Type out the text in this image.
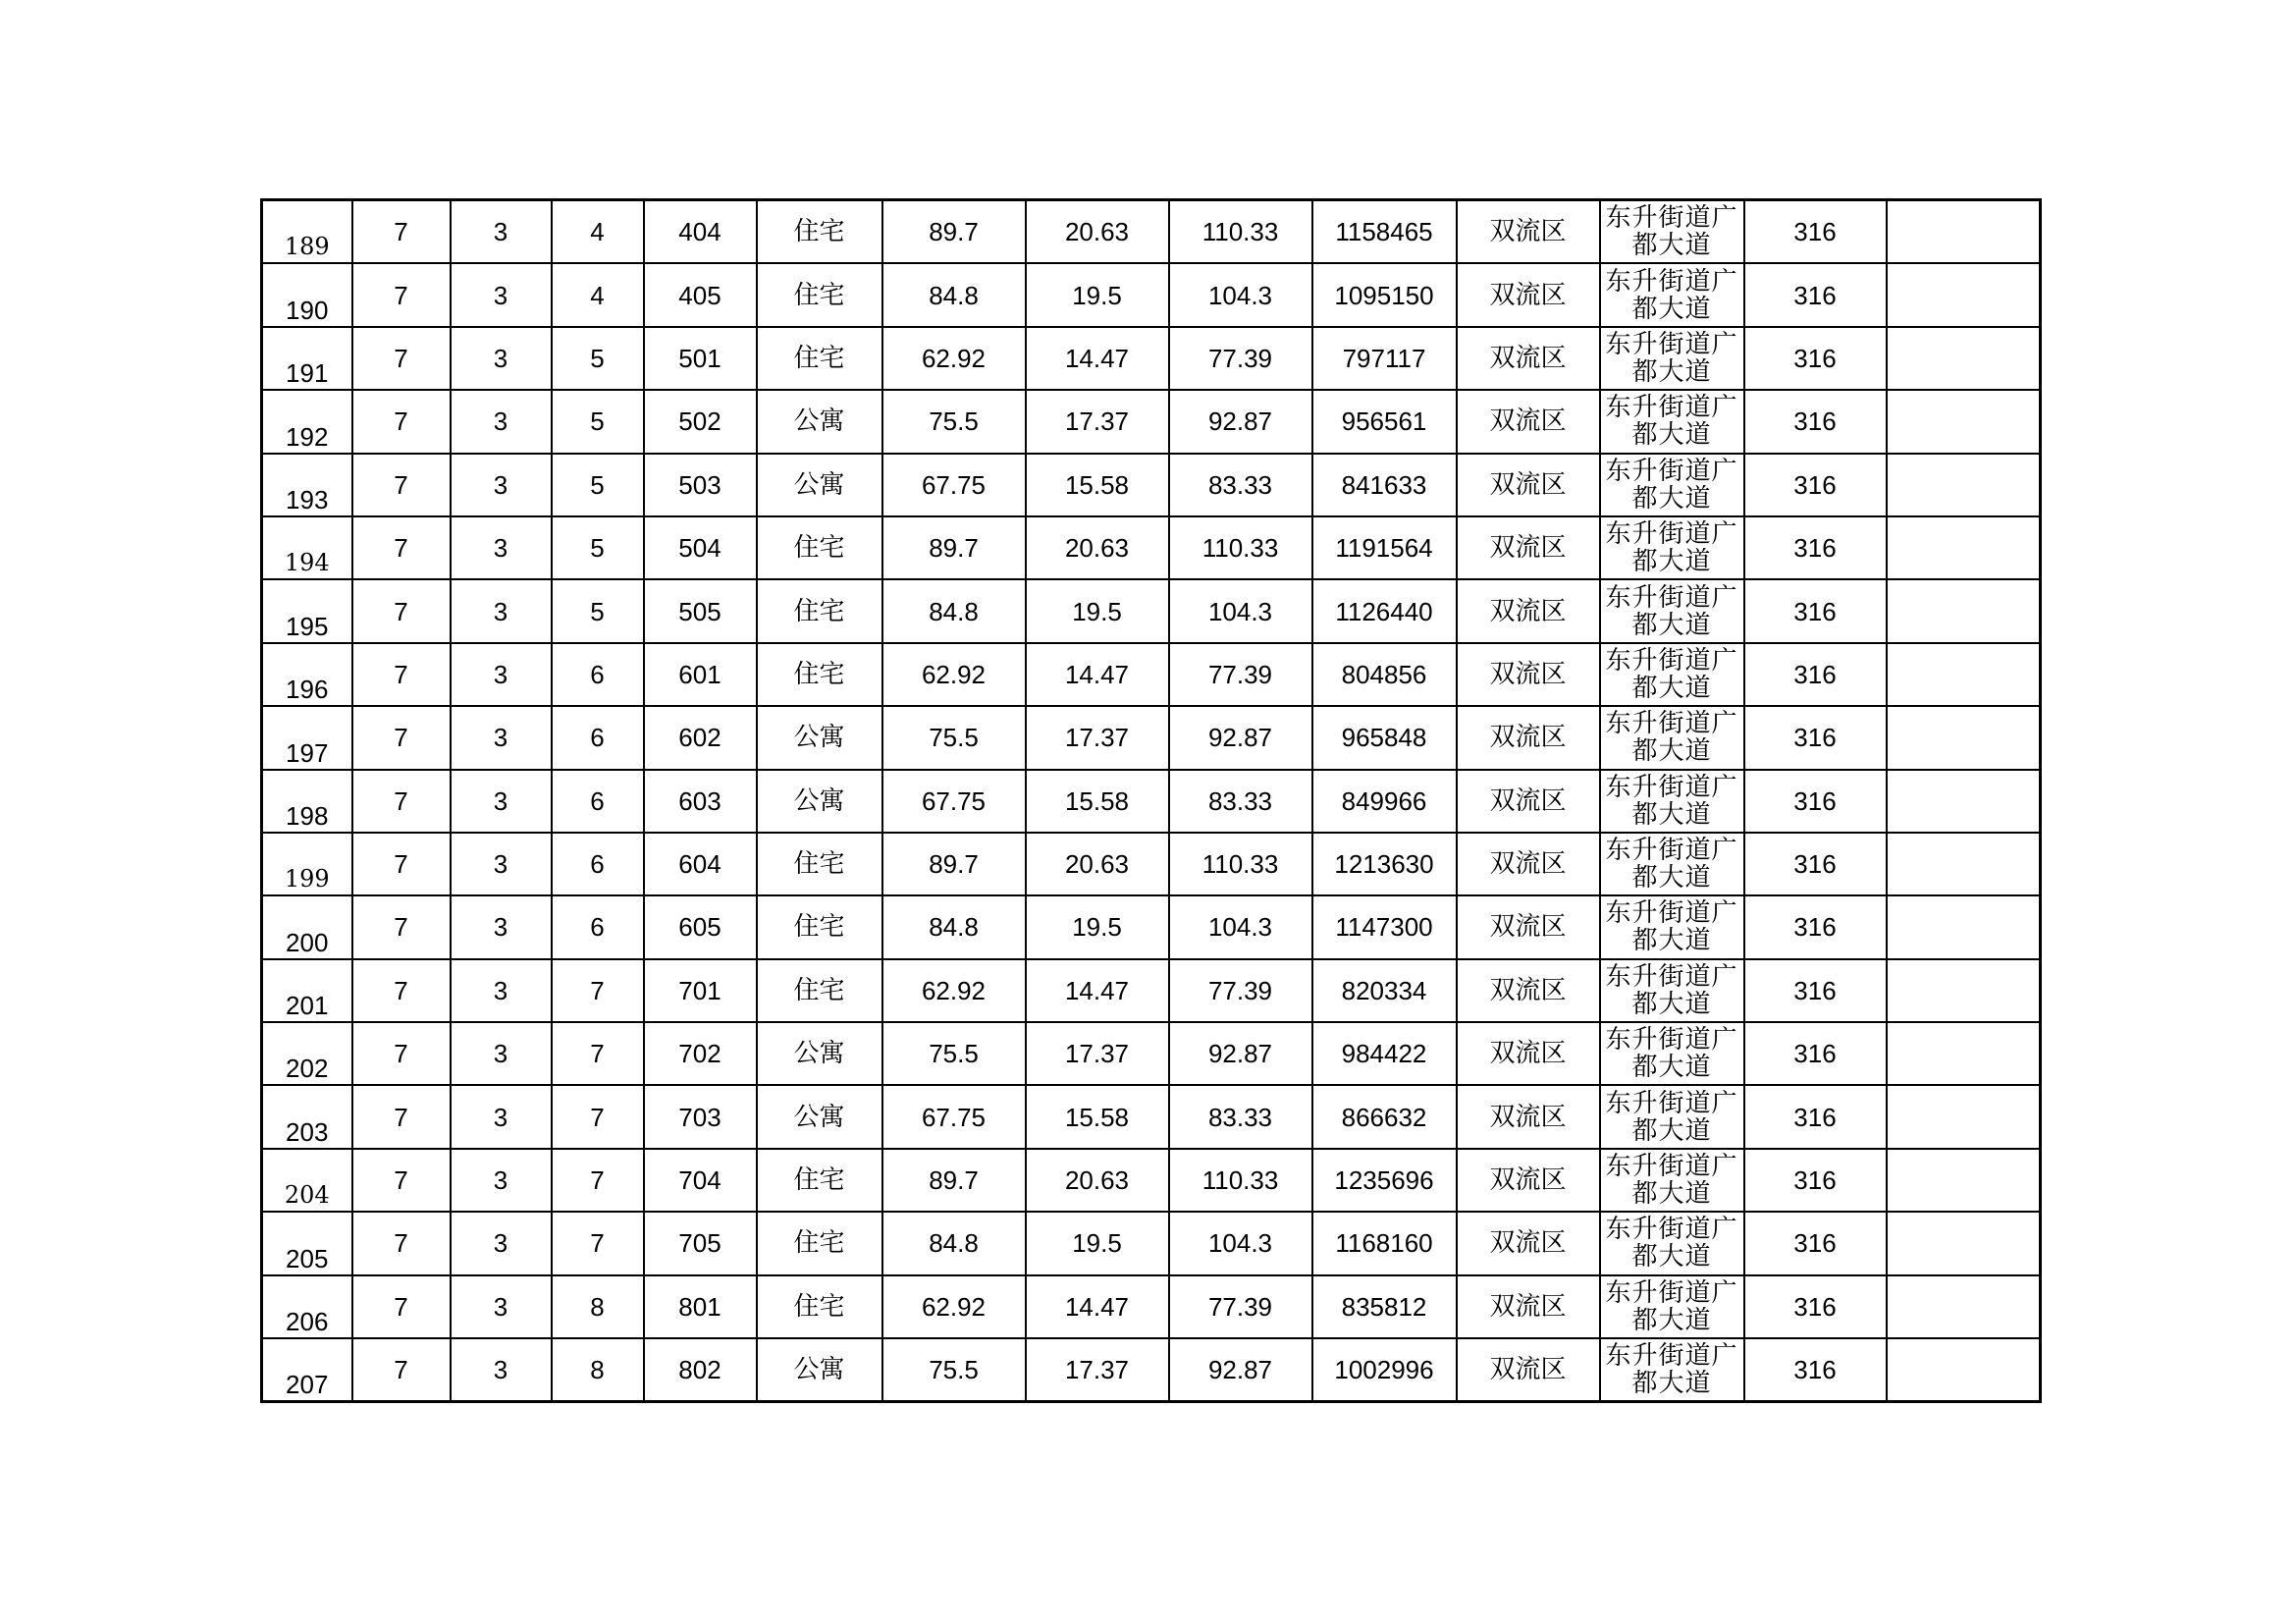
189	7	3	4	404	住宅	89.7	20.63	110.33	1158465	双流区	东升街道广都大道	316	
190	7	3	4	405	住宅	84.8	19.5	104.3	1095150	双流区	东升街道广都大道	316	
191	7	3	5	501	住宅	62.92	14.47	77.39	797117	双流区	东升街道广都大道	316	
192	7	3	5	502	公寓	75.5	17.37	92.87	956561	双流区	东升街道广都大道	316	
193	7	3	5	503	公寓	67.75	15.58	83.33	841633	双流区	东升街道广都大道	316	
194	7	3	5	504	住宅	89.7	20.63	110.33	1191564	双流区	东升街道广都大道	316	
195	7	3	5	505	住宅	84.8	19.5	104.3	1126440	双流区	东升街道广都大道	316	
196	7	3	6	601	住宅	62.92	14.47	77.39	804856	双流区	东升街道广都大道	316	
197	7	3	6	602	公寓	75.5	17.37	92.87	965848	双流区	东升街道广都大道	316	
198	7	3	6	603	公寓	67.75	15.58	83.33	849966	双流区	东升街道广都大道	316	
199	7	3	6	604	住宅	89.7	20.63	110.33	1213630	双流区	东升街道广都大道	316	
200	7	3	6	605	住宅	84.8	19.5	104.3	1147300	双流区	东升街道广都大道	316	
201	7	3	7	701	住宅	62.92	14.47	77.39	820334	双流区	东升街道广都大道	316	
202	7	3	7	702	公寓	75.5	17.37	92.87	984422	双流区	东升街道广都大道	316	
203	7	3	7	703	公寓	67.75	15.58	83.33	866632	双流区	东升街道广都大道	316	
204	7	3	7	704	住宅	89.7	20.63	110.33	1235696	双流区	东升街道广都大道	316	
205	7	3	7	705	住宅	84.8	19.5	104.3	1168160	双流区	东升街道广都大道	316	
206	7	3	8	801	住宅	62.92	14.47	77.39	835812	双流区	东升街道广都大道	316	
207	7	3	8	802	公寓	75.5	17.37	92.87	1002996	双流区	东升街道广都大道	316	
